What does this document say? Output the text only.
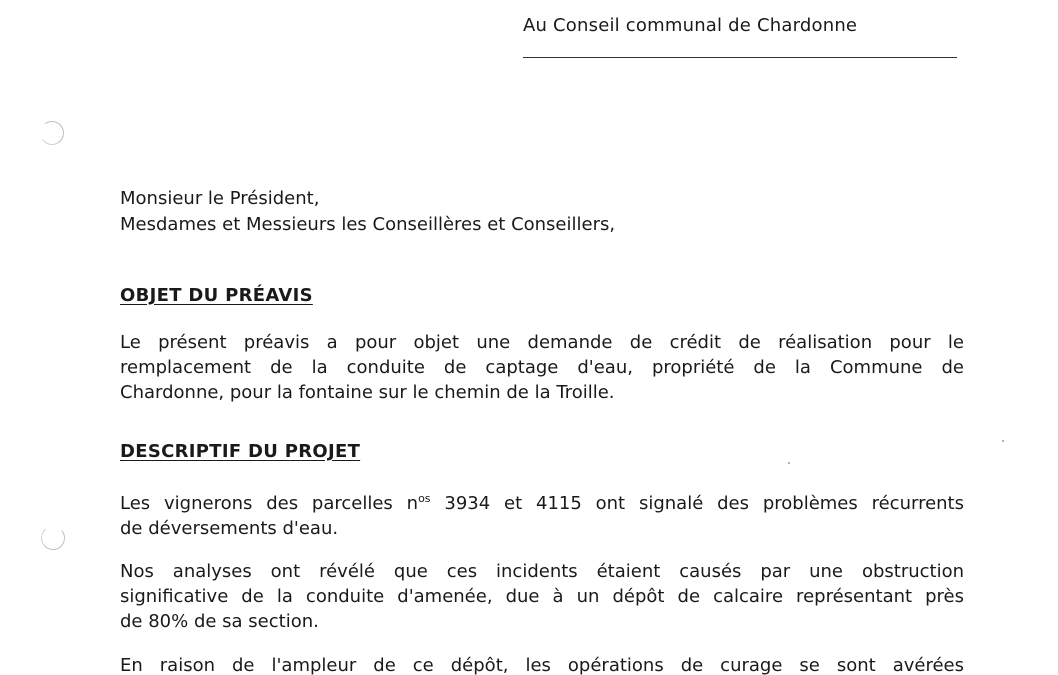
Au Conseil communal de Chardonne
Monsieur le Président,
Mesdames et Messieurs les Conseillères et Conseillers,
OBJET DU PRÉAVIS
Le présent préavis a pour objet une demande de crédit de réalisation pour le
remplacement de la conduite de captage d'eau, propriété de la Commune de
Chardonne, pour la fontaine sur le chemin de la Troille.
DESCRIPTIF DU PROJET
Les vignerons des parcelles $n^{os}$ 3934 et 4115 ont signalé des problèmes récurrents
de déversements d'eau.
Nos analyses ont révélé que ces incidents étaient causés par une obstruction
significative de la conduite d'amenée, due à un dépôt de calcaire représentant près
de 80% de sa section.
En raison de l'ampleur de ce dépôt, les opérations de curage se sont avérées
